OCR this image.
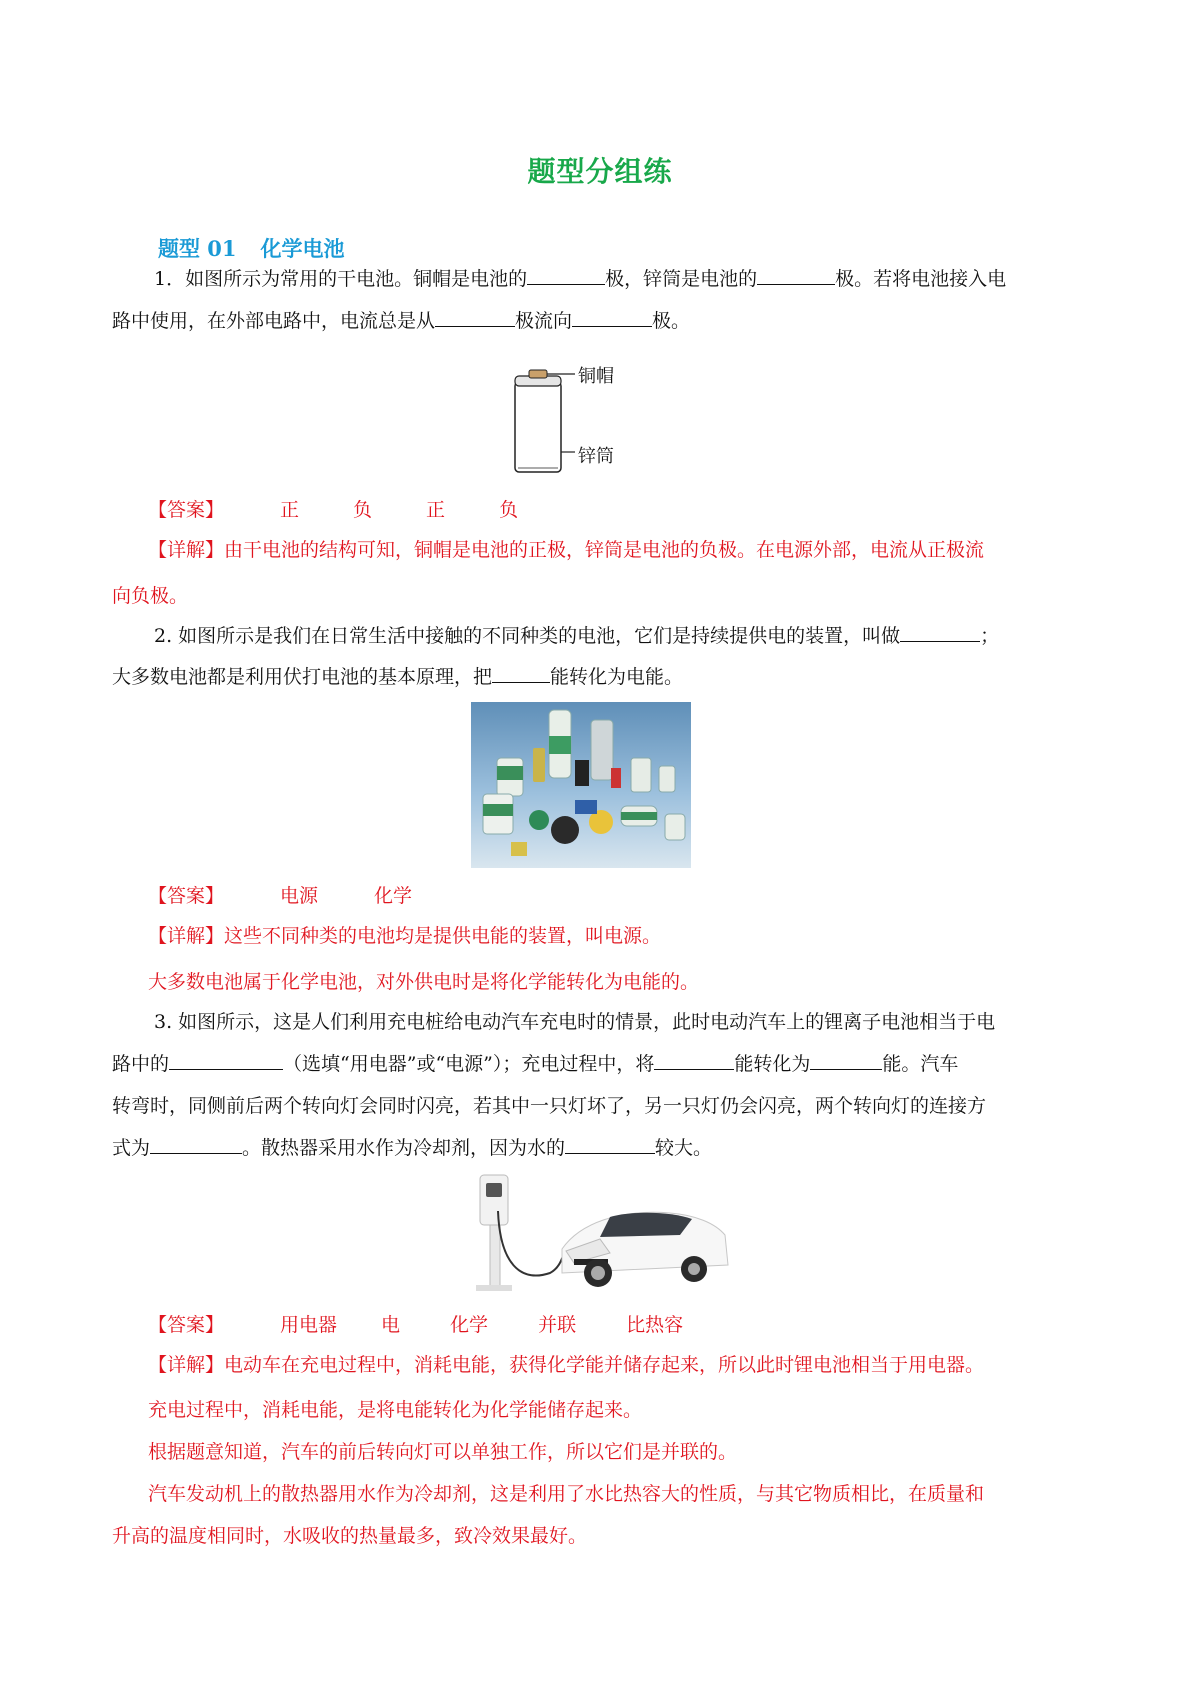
题型分组练
题型 01 化学电池

1．如图所示为常用的干电池。铜帽是电池的	极，锌筒是电池的	极。若将电池接入电

路中使用，在外部电路中，电流总是从	极流向	极。

铜帽
锌筒
【答案】	正	负	正	负

【详解】由干电池的结构可知，铜帽是电池的正极，锌筒是电池的负极。在电源外部，电流从正极流

向负极。

2. 如图所示是我们在日常生活中接触的不同种类的电池，它们是持续提供电的装置，叫做	；

大多数电池都是利用伏打电池的基本原理，把	能转化为电能。

【答案】	电源	化学

【详解】这些不同种类的电池均是提供电能的装置，叫电源。

大多数电池属于化学电池，对外供电时是将化学能转化为电能的。

3. 如图所示，这是人们利用充电桩给电动汽车充电时的情景，此时电动汽车上的锂离子电池相当于电

路中的	（选填“用电器”或“电源”）；充电过程中，将	能转化为	能。汽车

转弯时，同侧前后两个转向灯会同时闪亮，若其中一只灯坏了，另一只灯仍会闪亮，两个转向灯的连接方

式为	。散热器采用水作为冷却剂，因为水的	较大。

【答案】	用电器 电	化学	并联	比热容

【详解】电动车在充电过程中，消耗电能，获得化学能并储存起来，所以此时锂电池相当于用电器。

充电过程中，消耗电能，是将电能转化为化学能储存起来。
根据题意知道，汽车的前后转向灯可以单独工作，所以它们是并联的。
汽车发动机上的散热器用水作为冷却剂，这是利用了水比热容大的性质，与其它物质相比，在质量和
升高的温度相同时，水吸收的热量最多，致冷效果最好。
